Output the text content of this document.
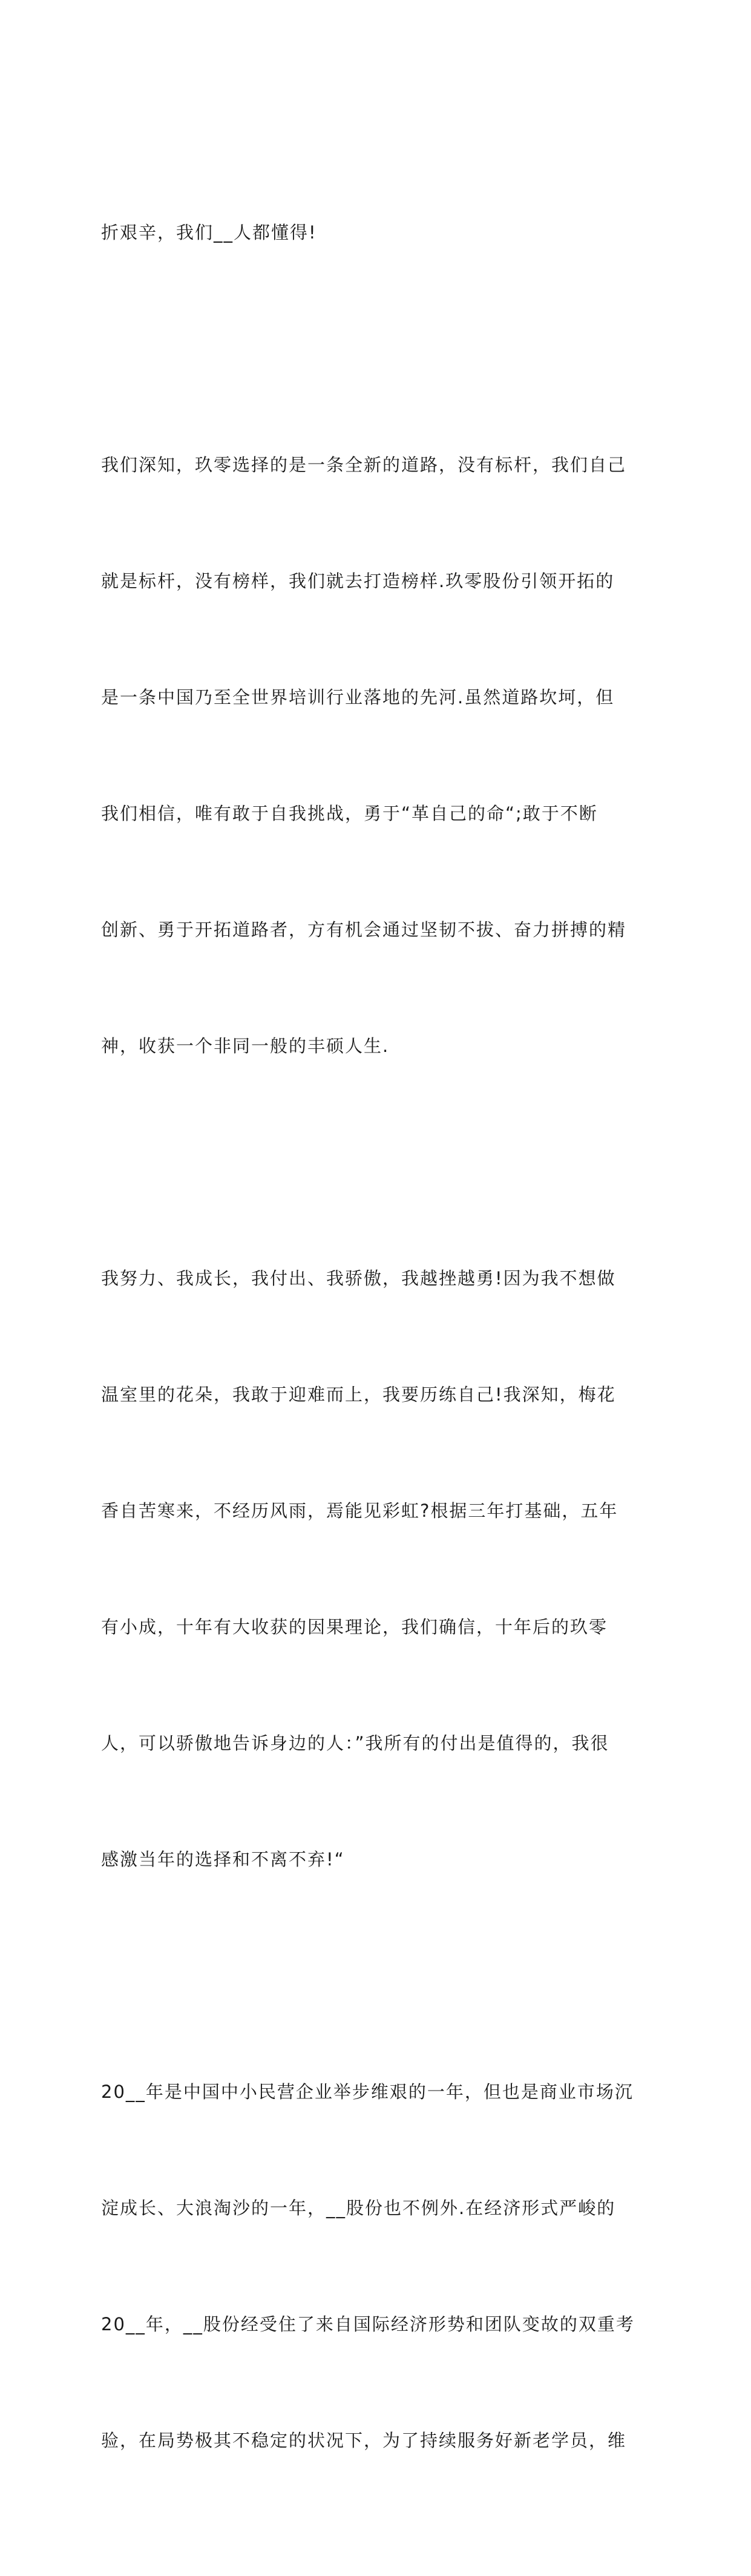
折艰辛，我们__人都懂得!

我们深知，玖零选择的是一条全新的道路，没有标杆，我们自己

就是标杆，没有榜样，我们就去打造榜样.玖零股份引领开拓的

是一条中国乃至全世界培训行业落地的先河.虽然道路坎坷，但

我们相信，唯有敢于自我挑战，勇于“革自己的命“;敢于不断

创新、勇于开拓道路者，方有机会通过坚韧不拔、奋力拼搏的精

神，收获一个非同一般的丰硕人生.

我努力、我成长，我付出、我骄傲，我越挫越勇!因为我不想做

温室里的花朵，我敢于迎难而上，我要历练自己!我深知，梅花

香自苦寒来，不经历风雨，焉能见彩虹?根据三年打基础，五年

有小成，十年有大收获的因果理论，我们确信，十年后的玖零

人，可以骄傲地告诉身边的人：”我所有的付出是值得的，我很

感激当年的选择和不离不弃!“

20__年是中国中小民营企业举步维艰的一年，但也是商业市场沉

淀成长、大浪淘沙的一年，__股份也不例外.在经济形式严峻的

20__年，__股份经受住了来自国际经济形势和团队变故的双重考

验，在局势极其不稳定的状况下，为了持续服务好新老学员，维
